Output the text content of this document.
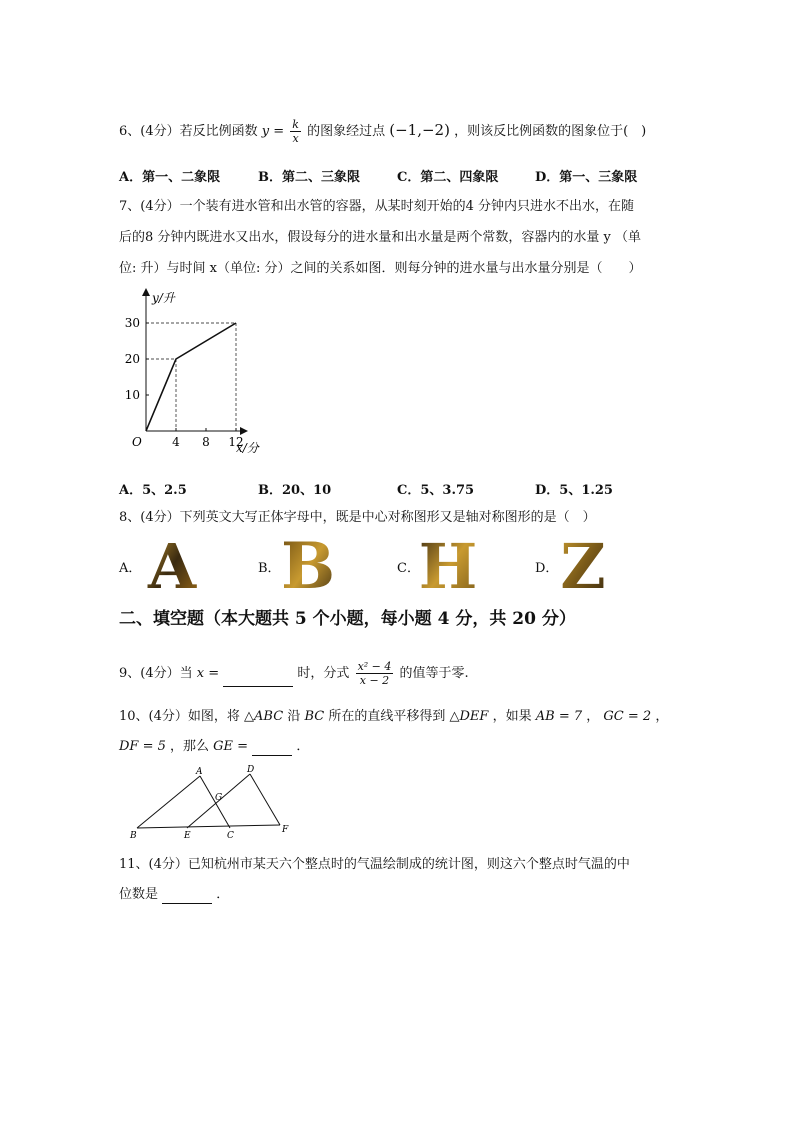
6、(4分）若反比例函数 $y = \frac{k}{x}$ 的图象经过点 (−1,−2) ，则该反比例函数的图象位于(　)
A．第一、二象限	B．第二、三象限	C．第二、四象限	D．第一、三象限
7、(4分）一个装有进水管和出水管的容器，从某时刻开始的4 分钟内只进水不出水，在随
后的8 分钟内既进水又出水，假设每分的进水量和出水量是两个常数，容器内的水量 y （单
位: 升）与时间 x（单位: 分）之间的关系如图．则每分钟的进水量与出水量分别是（　　）
4 8 12
10
20
30
y/升
x/分
O
A．5、2.5	B．20、10	C．5、3.75	D．5、1.25
8、(4分）下列英文大写正体字母中，既是中心对称图形又是轴对称图形的是（　）
A． A	B． B	C．
H	D． Z
二、填空题（本大题共 5 个小题，每小题 4 分，共 20 分）
9、(4分）当 x =	时，分式 $\frac{\text{x² − 4}}{x - 2}$ 的值等于零.
10、(4分）如图，将 △ABC 沿 BC 所在的直线平移得到 △DEF ，如果 AB = 7 ， GC = 2 ，
DF = 5 ，那么 GE =	．
A	D
G
B	E	C
F
11、(4分）已知杭州市某天六个整点时的气温绘制成的统计图，则这六个整点时气温的中
位数是	．
